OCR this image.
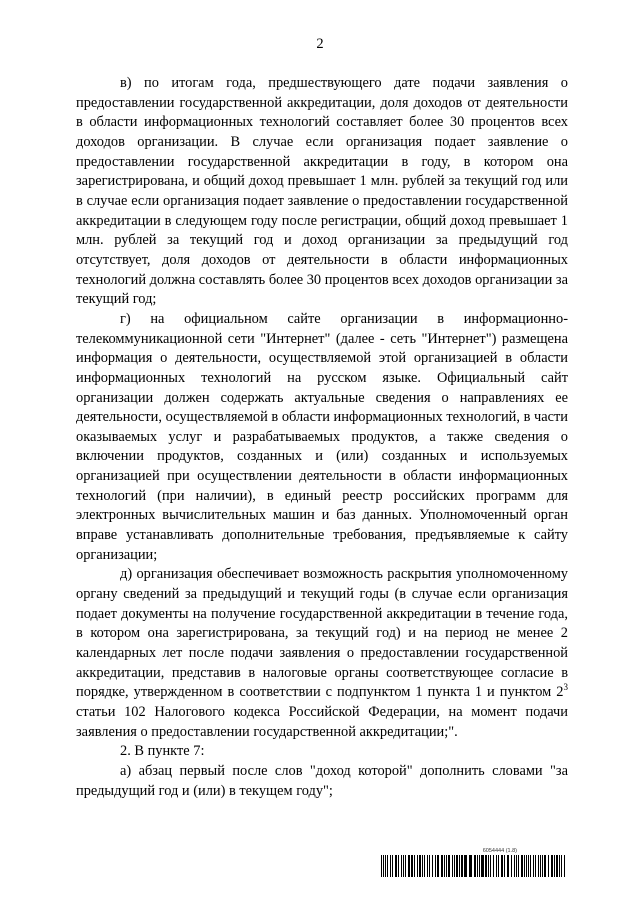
2

в) по итогам года, предшествующего дате подачи заявления о предоставлении государственной аккредитации, доля доходов от деятельности в области информационных технологий составляет более 30 процентов всех доходов организации. В случае если организация подает заявление о предоставлении государственной аккредитации в году, в котором она зарегистрирована, и общий доход превышает 1 млн. рублей за текущий год или в случае если организация подает заявление о предоставлении государственной аккредитации в следующем году после регистрации, общий доход превышает 1 млн. рублей за текущий год и доход организации за предыдущий год отсутствует, доля доходов от деятельности в области информационных технологий должна составлять более 30 процентов всех доходов организации за текущий год;

г) на официальном сайте организации в информационно-телекоммуникационной сети "Интернет" (далее - сеть "Интернет") размещена информация о деятельности, осуществляемой этой организацией в области информационных технологий на русском языке. Официальный сайт организации должен содержать актуальные сведения о направлениях ее деятельности, осуществляемой в области информационных технологий, в части оказываемых услуг и разрабатываемых продуктов, а также сведения о включении продуктов, созданных и (или) созданных и используемых организацией при осуществлении деятельности в области информационных технологий (при наличии), в единый реестр российских программ для электронных вычислительных машин и баз данных. Уполномоченный орган вправе устанавливать дополнительные требования, предъявляемые к сайту организации;

д) организация обеспечивает возможность раскрытия уполномоченному органу сведений за предыдущий и текущий годы (в случае если организация подает документы на получение государственной аккредитации в течение года, в котором она зарегистрирована, за текущий год) и на период не менее 2 календарных лет после подачи заявления о предоставлении государственной аккредитации, представив в налоговые органы соответствующее согласие в порядке, утвержденном в соответствии с подпунктом 1 пункта 1 и пунктом $2^3$ статьи 102 Налогового кодекса Российской Федерации, на момент подачи заявления о предоставлении государственной аккредитации;".

2. В пункте 7:

а) абзац первый после слов "доход которой" дополнить словами "за предыдущий год и (или) в текущем году";

6054444 (1.8)
